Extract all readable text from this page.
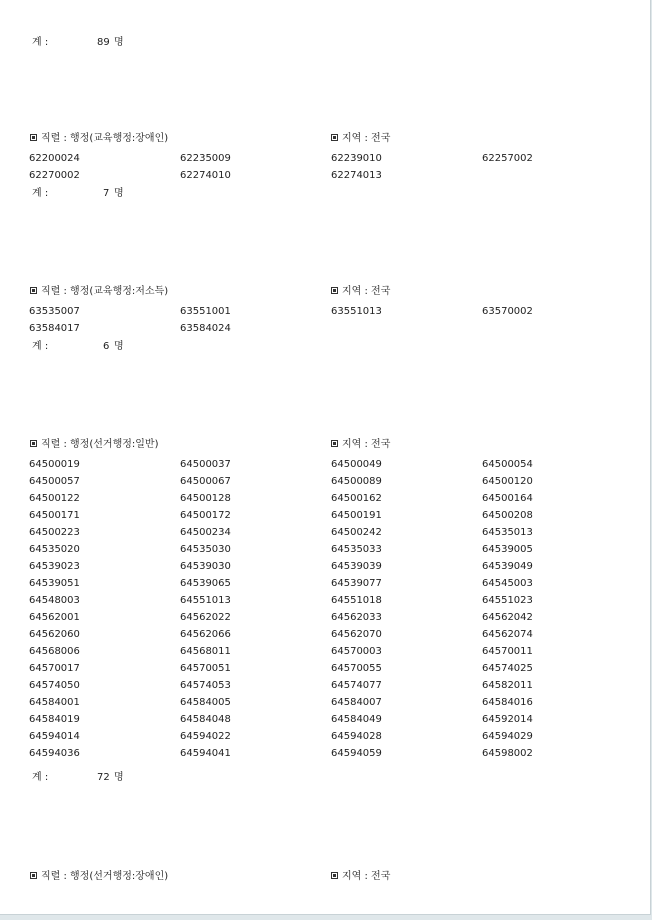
계 :	89 명
직렬 : 행정(교육행정:장애인)	지역 : 전국
62200024	62235009	62239010	62257002
62270002	62274010	62274013
계 :	7 명
직렬 : 행정(교육행정:저소득)	지역 : 전국
63535007	63551001	63551013	63570002
63584017	63584024
계 :	6 명
직렬 : 행정(선거행정:일반)	지역 : 전국
64500019	64500037	64500049	64500054
64500057	64500067	64500089	64500120
64500122	64500128	64500162	64500164
64500171	64500172	64500191	64500208
64500223	64500234	64500242	64535013
64535020	64535030	64535033	64539005
64539023	64539030	64539039	64539049
64539051	64539065	64539077	64545003
64548003	64551013	64551018	64551023
64562001	64562022	64562033	64562042
64562060	64562066	64562070	64562074
64568006	64568011	64570003	64570011
64570017	64570051	64570055	64574025
64574050	64574053	64574077	64582011
64584001	64584005	64584007	64584016
64584019	64584048	64584049	64592014
64594014	64594022	64594028	64594029
64594036	64594041	64594059	64598002
계 :	72 명
직렬 : 행정(선거행정:장애인)	지역 : 전국
